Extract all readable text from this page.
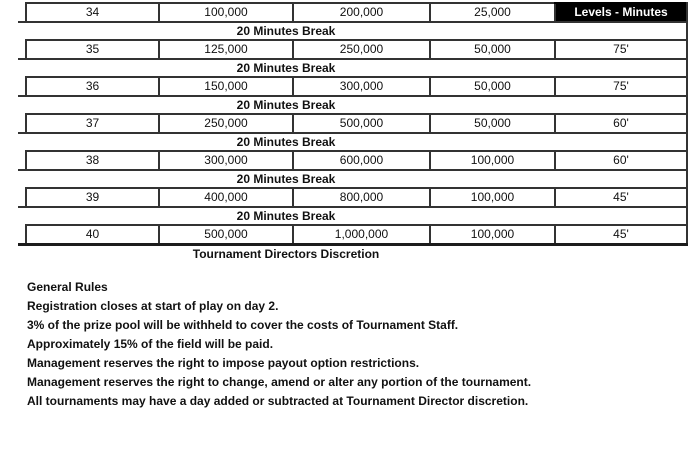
34	100,000	200,000	25,000	Levels - Minutes
20 Minutes Break
35	125,000	250,000	50,000	75'
20 Minutes Break
36	150,000	300,000	50,000	75'
20 Minutes Break
37	250,000	500,000	50,000	60'
20 Minutes Break
38	300,000	600,000	100,000	60'
20 Minutes Break
39	400,000	800,000	100,000	45'
20 Minutes Break
40	500,000	1,000,000	100,000	45'
Tournament Directors Discretion
General Rules
Registration closes at start of play on day 2.
3% of the prize pool will be withheld to cover the costs of Tournament Staff.
Approximately 15% of the field will be paid.
Management reserves the right to impose payout option restrictions.
Management reserves the right to change, amend or alter any portion of the tournament.
All tournaments may have a day added or subtracted at Tournament Director discretion.
